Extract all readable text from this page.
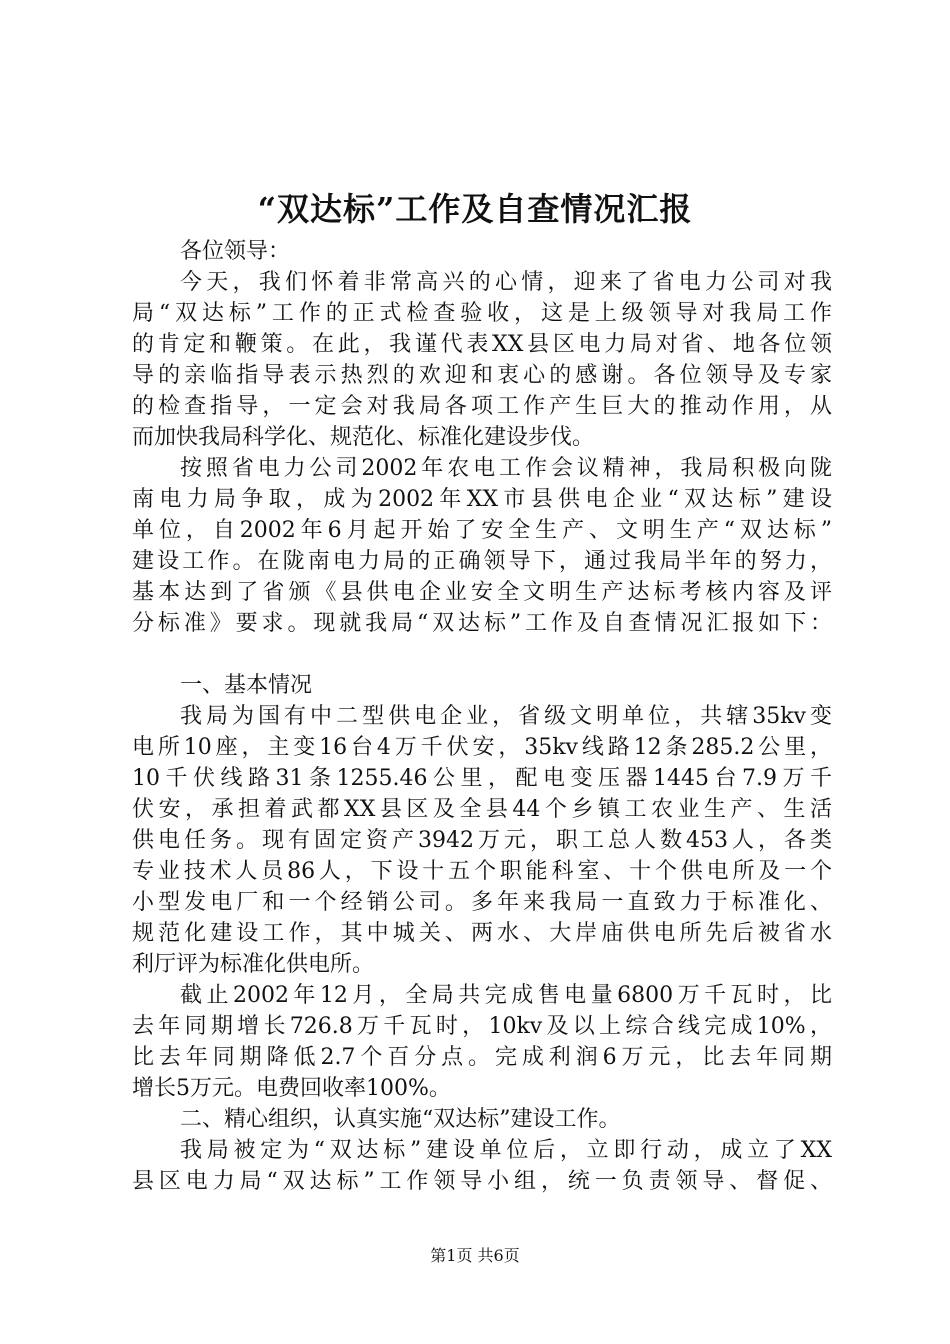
“双达标”工作及自查情况汇报
各位领导：
今天，我们怀着非常高兴的心情，迎来了省电力公司对我
局“双达标”工作的正式检查验收，这是上级领导对我局工作
的肯定和鞭策。在此，我谨代表XX县区电力局对省、地各位领
导的亲临指导表示热烈的欢迎和衷心的感谢。各位领导及专家
的检查指导，一定会对我局各项工作产生巨大的推动作用，从
而加快我局科学化、规范化、标准化建设步伐。
按照省电力公司2002年农电工作会议精神，我局积极向陇
南电力局争取，成为2002年XX市县供电企业“双达标”建设
单位，自2002年6月起开始了安全生产、文明生产“双达标”
建设工作。在陇南电力局的正确领导下，通过我局半年的努力，
基本达到了省颁《县供电企业安全文明生产达标考核内容及评
分标准》要求。现就我局“双达标”工作及自查情况汇报如下：
一、基本情况
我局为国有中二型供电企业，省级文明单位，共辖35kv变
电所10座，主变16台4万千伏安，35kv线路12条285.2公里，
10千伏线路31条1255.46公里，配电变压器1445台7.9万千
伏安，承担着武都XX县区及全县44个乡镇工农业生产、生活
供电任务。现有固定资产3942万元，职工总人数453人，各类
专业技术人员86人，下设十五个职能科室、十个供电所及一个
小型发电厂和一个经销公司。多年来我局一直致力于标准化、
规范化建设工作，其中城关、两水、大岸庙供电所先后被省水
利厅评为标准化供电所。
截止2002年12月，全局共完成售电量6800万千瓦时，比
去年同期增长726.8万千瓦时，10kv及以上综合线完成10%，
比去年同期降低2.7个百分点。完成利润6万元，比去年同期
增长5万元。电费回收率100%。
二、精心组织，认真实施“双达标”建设工作。
我局被定为“双达标”建设单位后，立即行动，成立了XX
县区电力局“双达标”工作领导小组，统一负责领导、督促、
第1页 共6页
